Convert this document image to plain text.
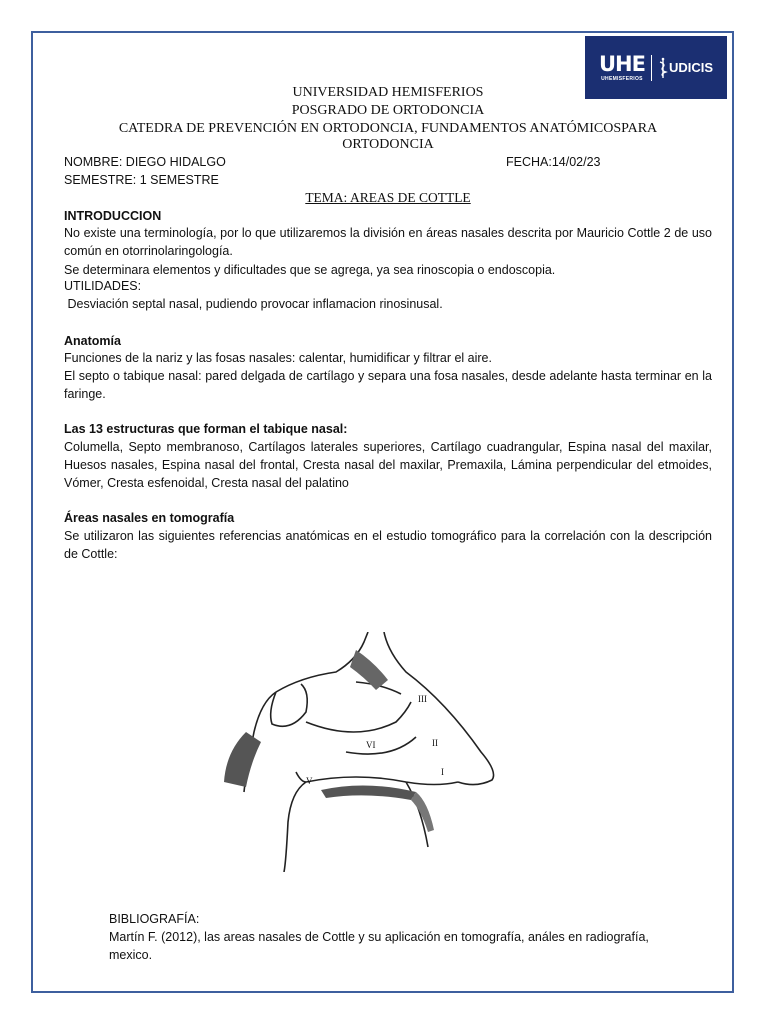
UHE
UHEMISFERIOS
UDICIS
UNIVERSIDAD HEMISFERIOS
POSGRADO DE ORTODONCIA
CATEDRA DE PREVENCIÓN EN ORTODONCIA, FUNDAMENTOS ANATÓMICOSPARA
ORTODONCIA
NOMBRE: DIEGO HIDALGO	FECHA:14/02/23
SEMESTRE: 1 SEMESTRE
TEMA: AREAS DE COTTLE
INTRODUCCION
No existe una terminología, por lo que utilizaremos la división en áreas nasales descrita por Mauricio Cottle 2 de uso común en otorrinolaringología.
Se determinara elementos y dificultades que se agrega, ya sea rinoscopia o endoscopia.
UTILIDADES:
Desviación septal nasal, pudiendo provocar inflamacion rinosinusal.
Anatomía
Funciones de la nariz y las fosas nasales: calentar, humidificar y filtrar el aire.
El septo o tabique nasal: pared delgada de cartílago y separa una fosa nasales, desde adelante hasta terminar en la faringe.
Las 13 estructuras que forman el tabique nasal:
Columella, Septo membranoso, Cartílagos laterales superiores, Cartílago cuadrangular, Espina nasal del maxilar, Huesos nasales, Espina nasal del frontal, Cresta nasal del maxilar, Premaxila, Lámina perpendicular del etmoides, Vómer, Cresta esfenoidal, Cresta nasal del palatino
Áreas nasales en tomografía
Se utilizaron las siguientes referencias anatómicas en el estudio tomográfico para la correlación con la descripción de Cottle:
II
I
III
V
VI
BIBLIOGRAFÍA:
Martín F. (2012), las areas nasales de Cottle y su aplicación en tomografía, análes en radiografía, mexico.
